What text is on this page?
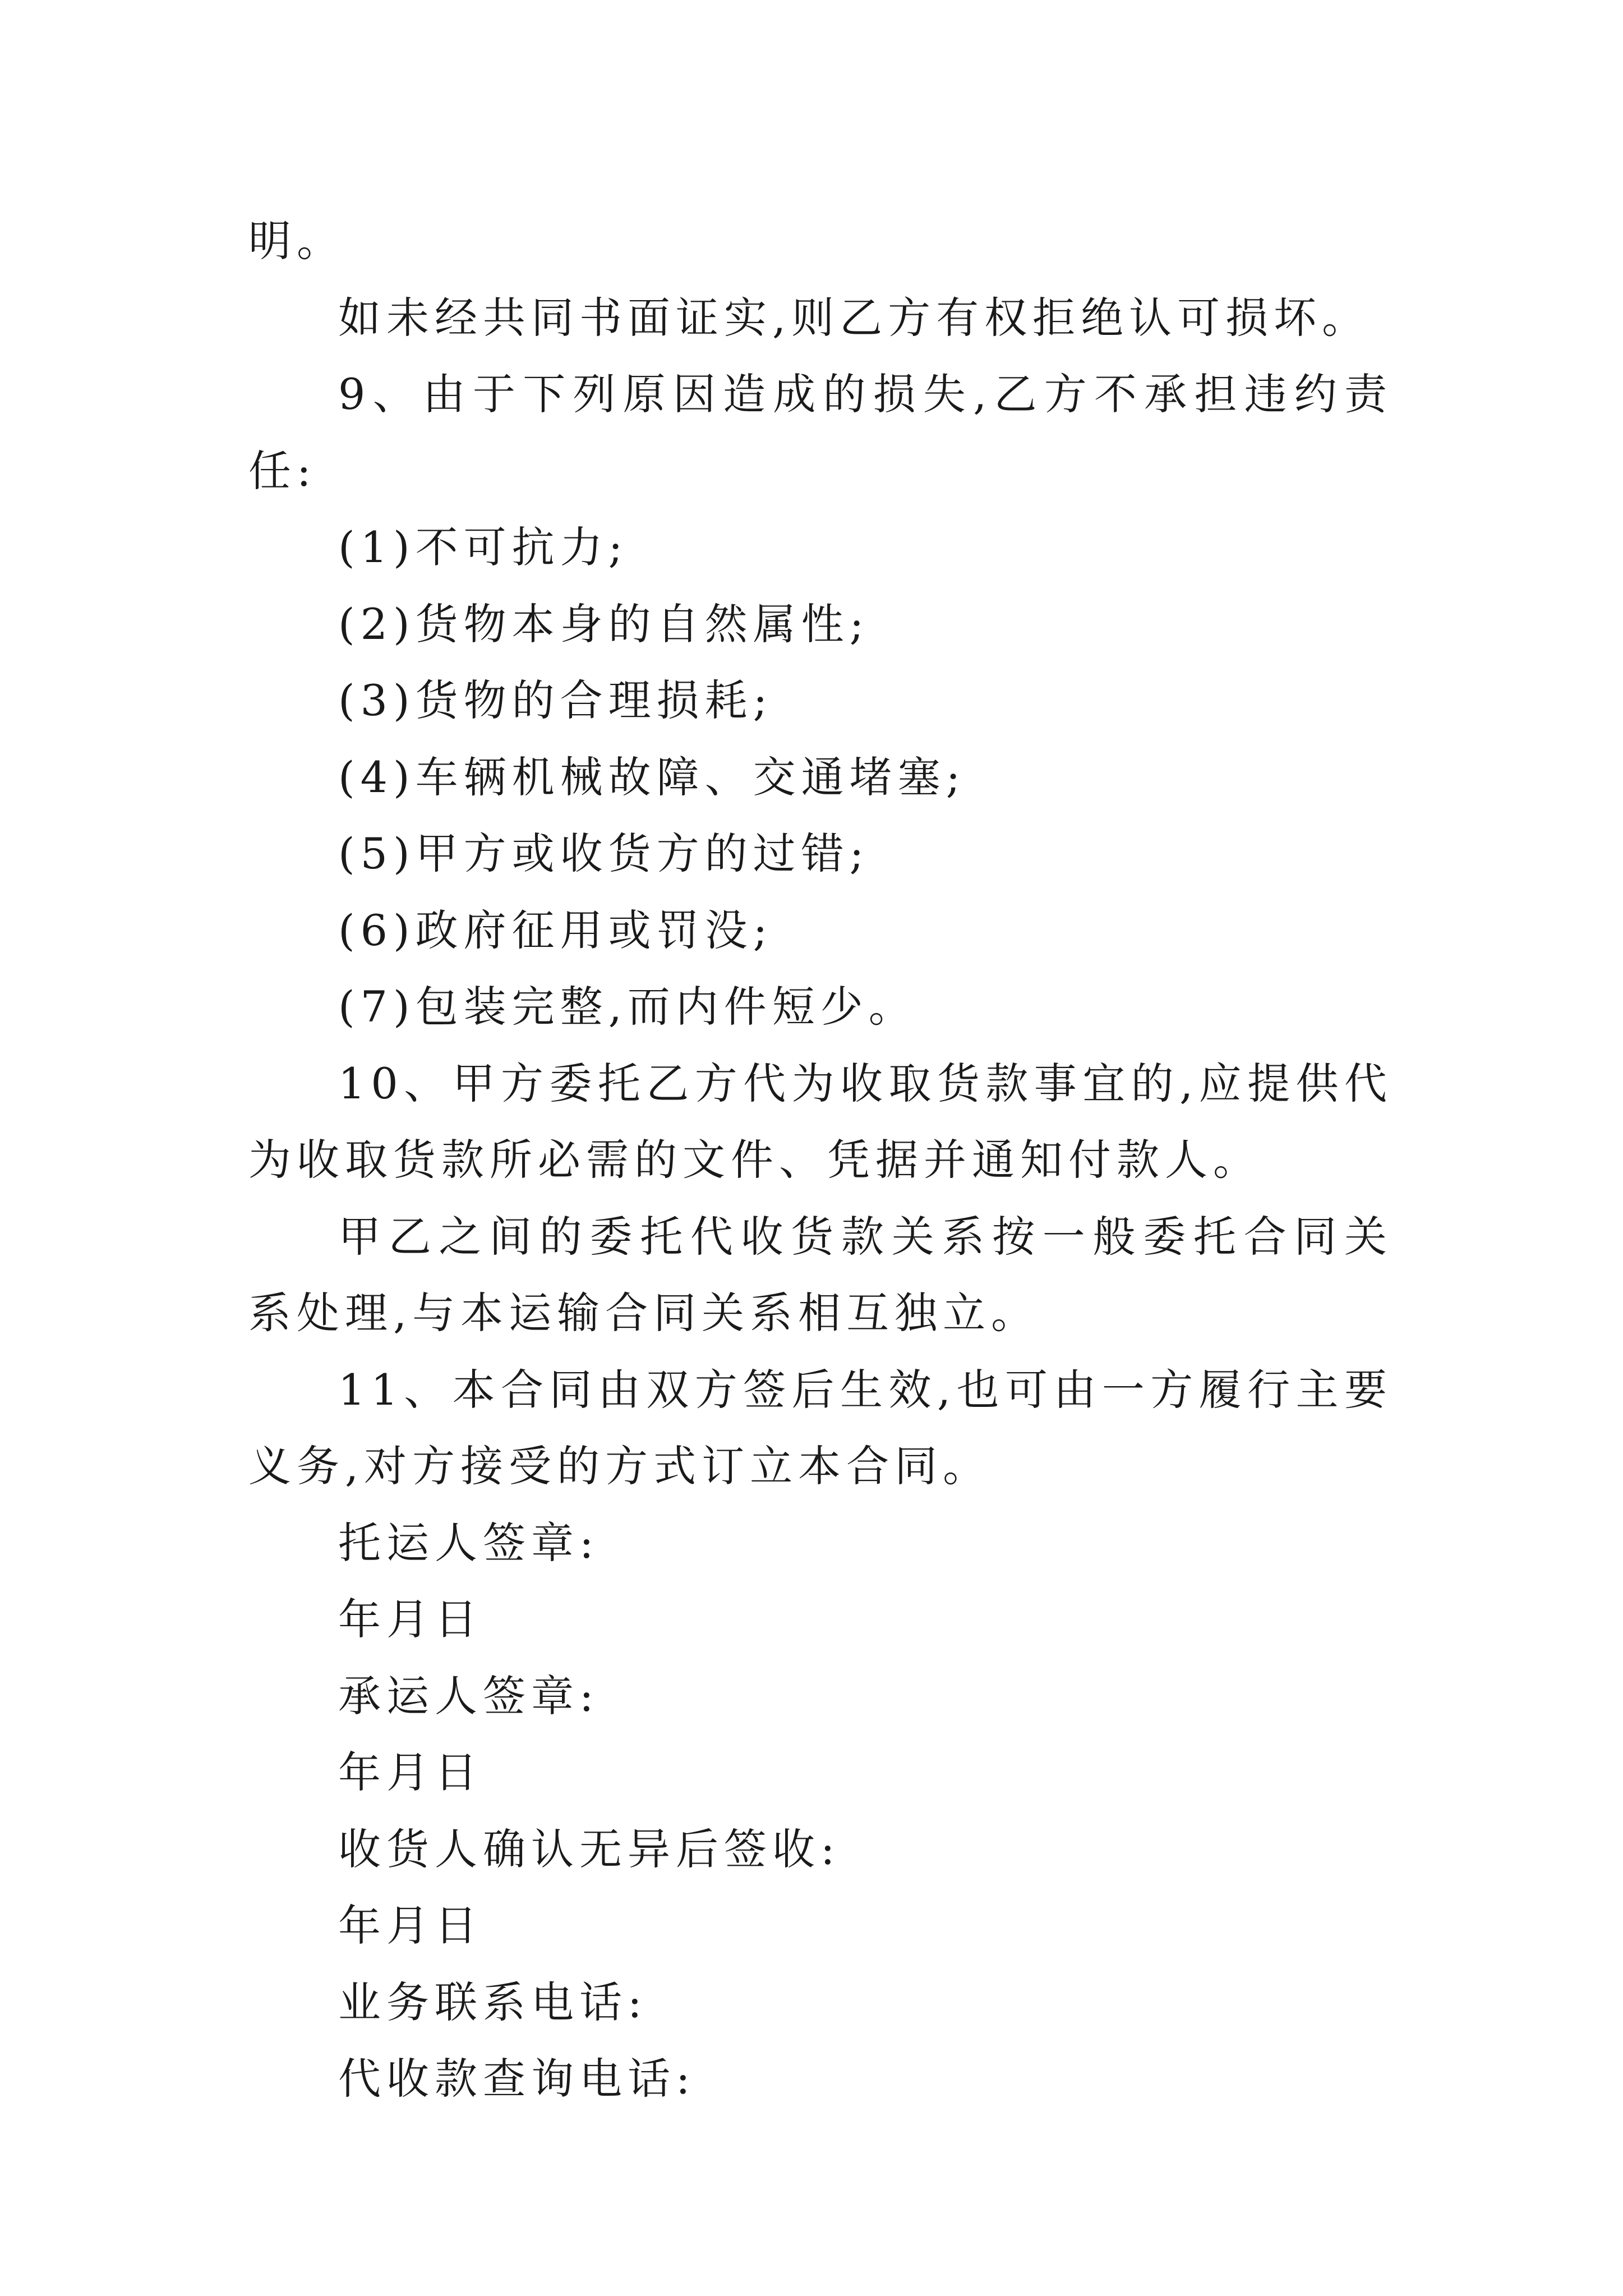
明。

如未经共同书面证实,则乙方有权拒绝认可损坏。

9、由于下列原因造成的损失,乙方不承担违约责任:

(1)不可抗力;

(2)货物本身的自然属性;

(3)货物的合理损耗;

(4)车辆机械故障、交通堵塞;

(5)甲方或收货方的过错;

(6)政府征用或罚没;

(7)包装完整,而内件短少。

10、甲方委托乙方代为收取货款事宜的,应提供代为收取货款所必需的文件、凭据并通知付款人。

甲乙之间的委托代收货款关系按一般委托合同关系处理,与本运输合同关系相互独立。

11、本合同由双方签后生效,也可由一方履行主要义务,对方接受的方式订立本合同。

托运人签章:

年月日

承运人签章:

年月日

收货人确认无异后签收:

年月日

业务联系电话:

代收款查询电话:
